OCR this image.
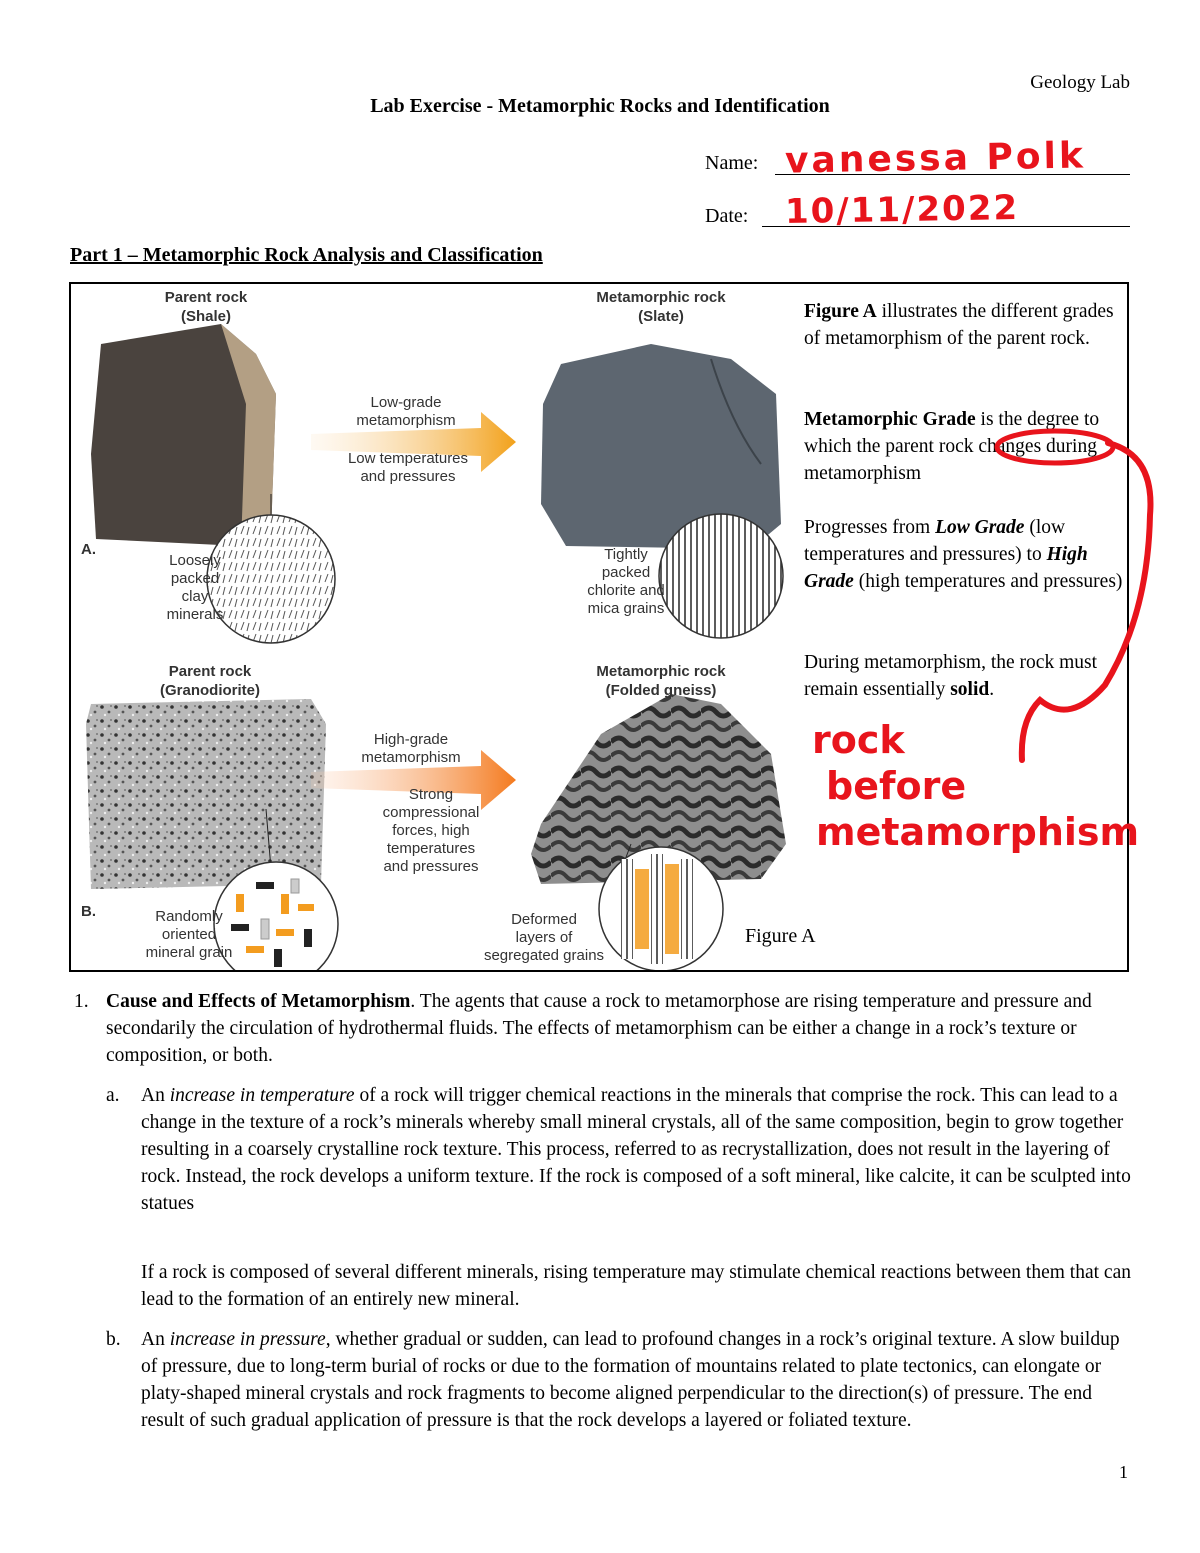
Geology Lab
Lab Exercise - Metamorphic Rocks and Identification
Name: vanessa Polk
Date: 10/11/2022
Part 1 – Metamorphic Rock Analysis and Classification
Parent rock
(Shale)
Metamorphic rock
(Slate)
Low-grade
metamorphism
Low temperatures
and pressures
A.
Loosely
packed
clay
minerals
Tightly
packed
chlorite and
mica grains
Parent rock
(Granodiorite)
Metamorphic rock
(Folded gneiss)
High-grade
metamorphism
Strong
compressional
forces, high
temperatures
and pressures
B.	Randomly
oriented
mineral grain
Deformed
layers of
segregated grains
Figure A
Figure A illustrates the different grades of metamorphism of the parent rock.
Metamorphic Grade is the degree to which the parent rock changes during metamorphism
Progresses from Low Grade (low temperatures and pressures) to High Grade (high temperatures and pressures)
During metamorphism, the rock must remain essentially solid.
rock
before
metamorphism
1. Cause and Effects of Metamorphism. The agents that cause a rock to metamorphose are rising temperature and pressure and secondarily the circulation of hydrothermal fluids. The effects of metamorphism can be either a change in a rock’s texture or composition, or both.
a. An increase in temperature of a rock will trigger chemical reactions in the minerals that comprise the rock. This can lead to a change in the texture of a rock’s minerals whereby small mineral crystals, all of the same composition, begin to grow together resulting in a coarsely crystalline rock texture. This process, referred to as recrystallization, does not result in the layering of rock. Instead, the rock develops a uniform texture. If the rock is composed of a soft mineral, like calcite, it can be sculpted into statues
If a rock is composed of several different minerals, rising temperature may stimulate chemical reactions between them that can lead to the formation of an entirely new mineral.
b. An increase in pressure, whether gradual or sudden, can lead to profound changes in a rock’s original texture. A slow buildup of pressure, due to long-term burial of rocks or due to the formation of mountains related to plate tectonics, can elongate or platy-shaped mineral crystals and rock fragments to become aligned perpendicular to the direction(s) of pressure. The end result of such gradual application of pressure is that the rock develops a layered or foliated texture.
1
